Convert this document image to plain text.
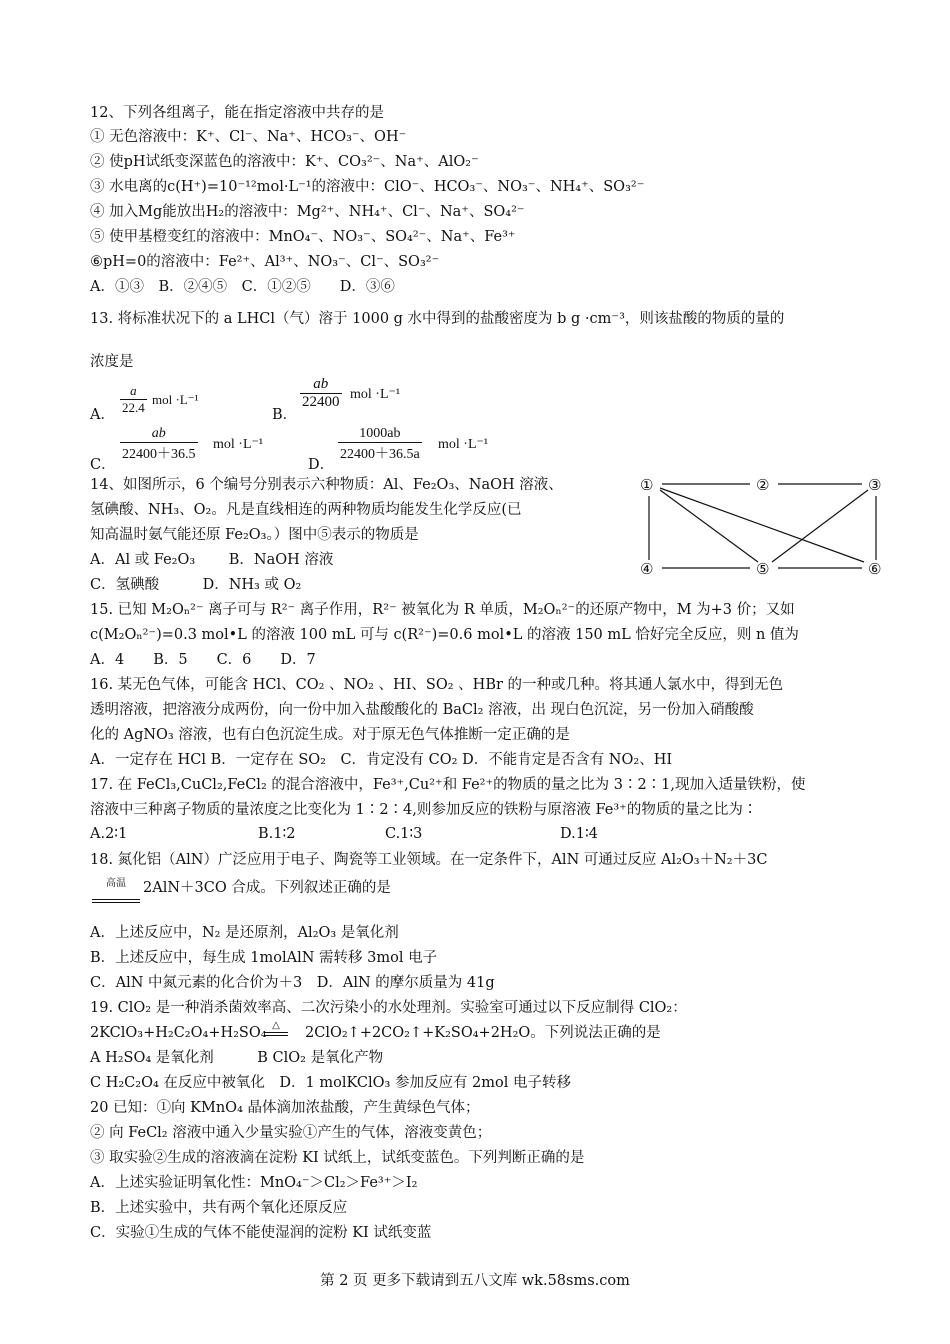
12、下列各组离子，能在指定溶液中共存的是
① 无色溶液中：K⁺、Cl⁻、Na⁺、HCO₃⁻、OH⁻
② 使pH试纸变深蓝色的溶液中：K⁺、CO₃²⁻、Na⁺、AlO₂⁻
③ 水电离的c(H⁺)=10⁻¹²mol·L⁻¹的溶液中：ClO⁻、HCO₃⁻、NO₃⁻、NH₄⁺、SO₃²⁻
④ 加入Mg能放出H₂的溶液中：Mg²⁺、NH₄⁺、Cl⁻、Na⁺、SO₄²⁻
⑤ 使甲基橙变红的溶液中：MnO₄⁻、NO₃⁻、SO₄²⁻、Na⁺、Fe³⁺
⑥pH=0的溶液中：Fe²⁺、Al³⁺、NO₃⁻、Cl⁻、SO₃²⁻
A．①③　B．②④⑤　C．①②⑤　　D．③⑥
13. 将标准状况下的 a LHCl（气）溶于 1000 g 水中得到的盐酸密度为 b g ·cm⁻³，则该盐酸的物质的量的
浓度是
A． $\frac{a}{22.4}$ mol ·L⁻¹
B．
$\frac{ab}{22400}$ mol ·L⁻¹
C．
$\frac{ab}{22400+36.5}$ mol ·L⁻¹
D．
$\frac{1000ab}{22400+36.5a}$ mol ·L⁻¹
14、如图所示，6 个编号分别表示六种物质：Al、Fe₂O₃、NaOH 溶液、
氢碘酸、NH₃、O₂。凡是直线相连的两种物质均能发生化学反应(已
知高温时氨气能还原 Fe₂O₃。）图中⑤表示的物质是
A．Al 或 Fe₂O₃　　 B．NaOH 溶液
C．氢碘酸　　　D．NH₃ 或 O₂
①	②	③
④	⑤	⑥
15. 已知 M₂Oₙ²⁻ 离子可与 R²⁻ 离子作用，R²⁻ 被氧化为 R 单质，M₂Oₙ²⁻的还原产物中，M 为+3 价；又如
c(M₂Oₙ²⁻)=0.3 mol•L 的溶液 100 mL 可与 c(R²⁻)=0.6 mol•L 的溶液 150 mL 恰好完全反应，则 n 值为
A．4　　B．5　　C．6　　D．7
16. 某无色气体，可能含 HCl、CO₂ 、NO₂ 、HI、SO₂ 、HBr 的一种或几种。将其通人氯水中，得到无色
透明溶液，把溶液分成两份，向一份中加入盐酸酸化的 BaCl₂ 溶液，出 现白色沉淀，另一份加入硝酸酸
化的 AgNO₃ 溶液，也有白色沉淀生成。对于原无色气体推断一定正确的是
A．一定存在 HCl B．一定存在 SO₂　C．肯定没有 CO₂ D．不能肯定是否含有 NO₂、HI
17. 在 FeCl₃,CuCl₂,FeCl₂ 的混合溶液中，Fe³⁺,Cu²⁺和 Fe²⁺的物质的量之比为 3∶2∶1,现加入适量铁粉，使
溶液中三种离子物质的量浓度之比变化为 1∶2∶4,则参加反应的铁粉与原溶液 Fe³⁺的物质的量之比为∶
A.2∶1	B.1∶2	C.1∶3	D.1∶4
18. 氮化铝（AlN）广泛应用于电子、陶瓷等工业领域。在一定条件下，AlN 可通过反应 Al₂O₃＋N₂＋3C
高温	2AlN＋3CO 合成。下列叙述正确的是
A．上述反应中，N₂ 是还原剂，Al₂O₃ 是氧化剂
B．上述反应中，每生成 1molAlN 需转移 3mol 电子
C．AlN 中氮元素的化合价为＋3　D．AlN 的摩尔质量为 41g
19. ClO₂ 是一种消杀菌效率高、二次污染小的水处理剂。实验室可通过以下反应制得 ClO₂：
2KClO₃+H₂C₂O₄+H₂SO₄ △	2ClO₂↑+2CO₂↑+K₂SO₄+2H₂O。下列说法正确的是
A H₂SO₄ 是氧化剂　　　B ClO₂ 是氧化产物
C H₂C₂O₄ 在反应中被氧化　D．1 molKClO₃ 参加反应有 2mol 电子转移
20 已知：①向 KMnO₄ 晶体滴加浓盐酸，产生黄绿色气体；
② 向 FeCl₂ 溶液中通入少量实验①产生的气体，溶液变黄色；
③ 取实验②生成的溶液滴在淀粉 KI 试纸上，试纸变蓝色。下列判断正确的是
A．上述实验证明氧化性：MnO₄⁻＞Cl₂＞Fe³⁺＞I₂
B．上述实验中，共有两个氧化还原反应
C．实验①生成的气体不能使湿润的淀粉 KI 试纸变蓝
第 2 页 更多下载请到五八文库 wk.58sms.com
